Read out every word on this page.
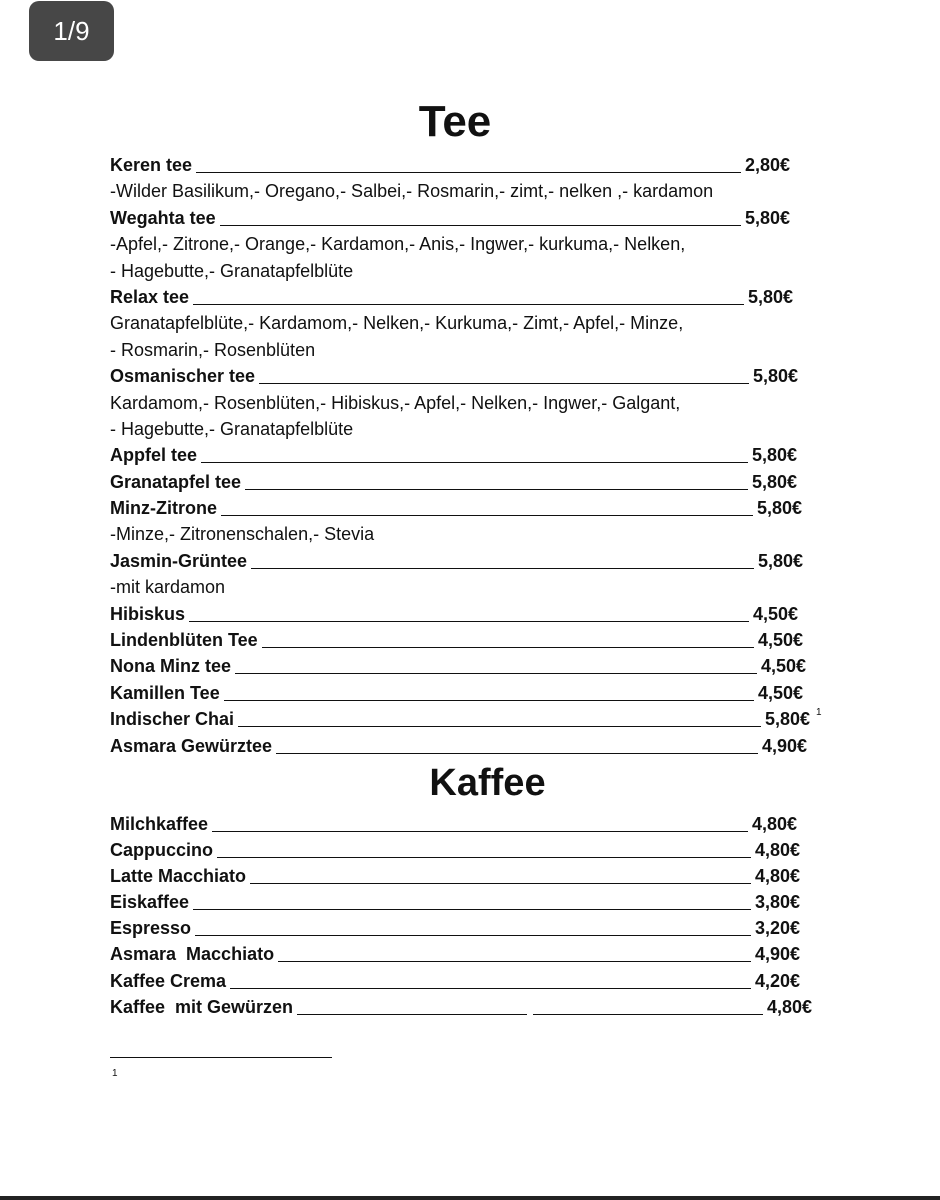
1/9
Tee
Keren tee	2,80€
-Wilder Basilikum,- Oregano,- Salbei,- Rosmarin,- zimt,- nelken ,- kardamon
Wegahta tee	5,80€
-Apfel,- Zitrone,- Orange,- Kardamon,- Anis,- Ingwer,- kurkuma,- Nelken,
- Hagebutte,- Granatapfelblüte
Relax tee	5,80€
Granatapfelblüte,- Kardamom,- Nelken,- Kurkuma,- Zimt,- Apfel,- Minze,
- Rosmarin,- Rosenblüten
Osmanischer tee	5,80€
Kardamom,- Rosenblüten,- Hibiskus,- Apfel,- Nelken,- Ingwer,- Galgant,
- Hagebutte,- Granatapfelblüte
Appfel tee	5,80€
Granatapfel tee	5,80€
Minz-Zitrone	5,80€
-Minze,- Zitronenschalen,- Stevia
Jasmin-Grüntee	5,80€
-mit kardamon
Hibiskus	4,50€
Lindenblüten Tee	4,50€
Nona Minz tee	4,50€
Kamillen Tee	4,50€
Indischer Chai	5,80€ 1
Asmara Gewürztee	4,90€
Kaffee
Milchkaffee	4,80€
Cappuccino	4,80€
Latte Macchiato	4,80€
Eiskaffee	3,80€
Espresso	3,20€
Asmara  Macchiato	4,90€
Kaffee Crema	4,20€
Kaffee  mit Gewürzen	4,80€
1
